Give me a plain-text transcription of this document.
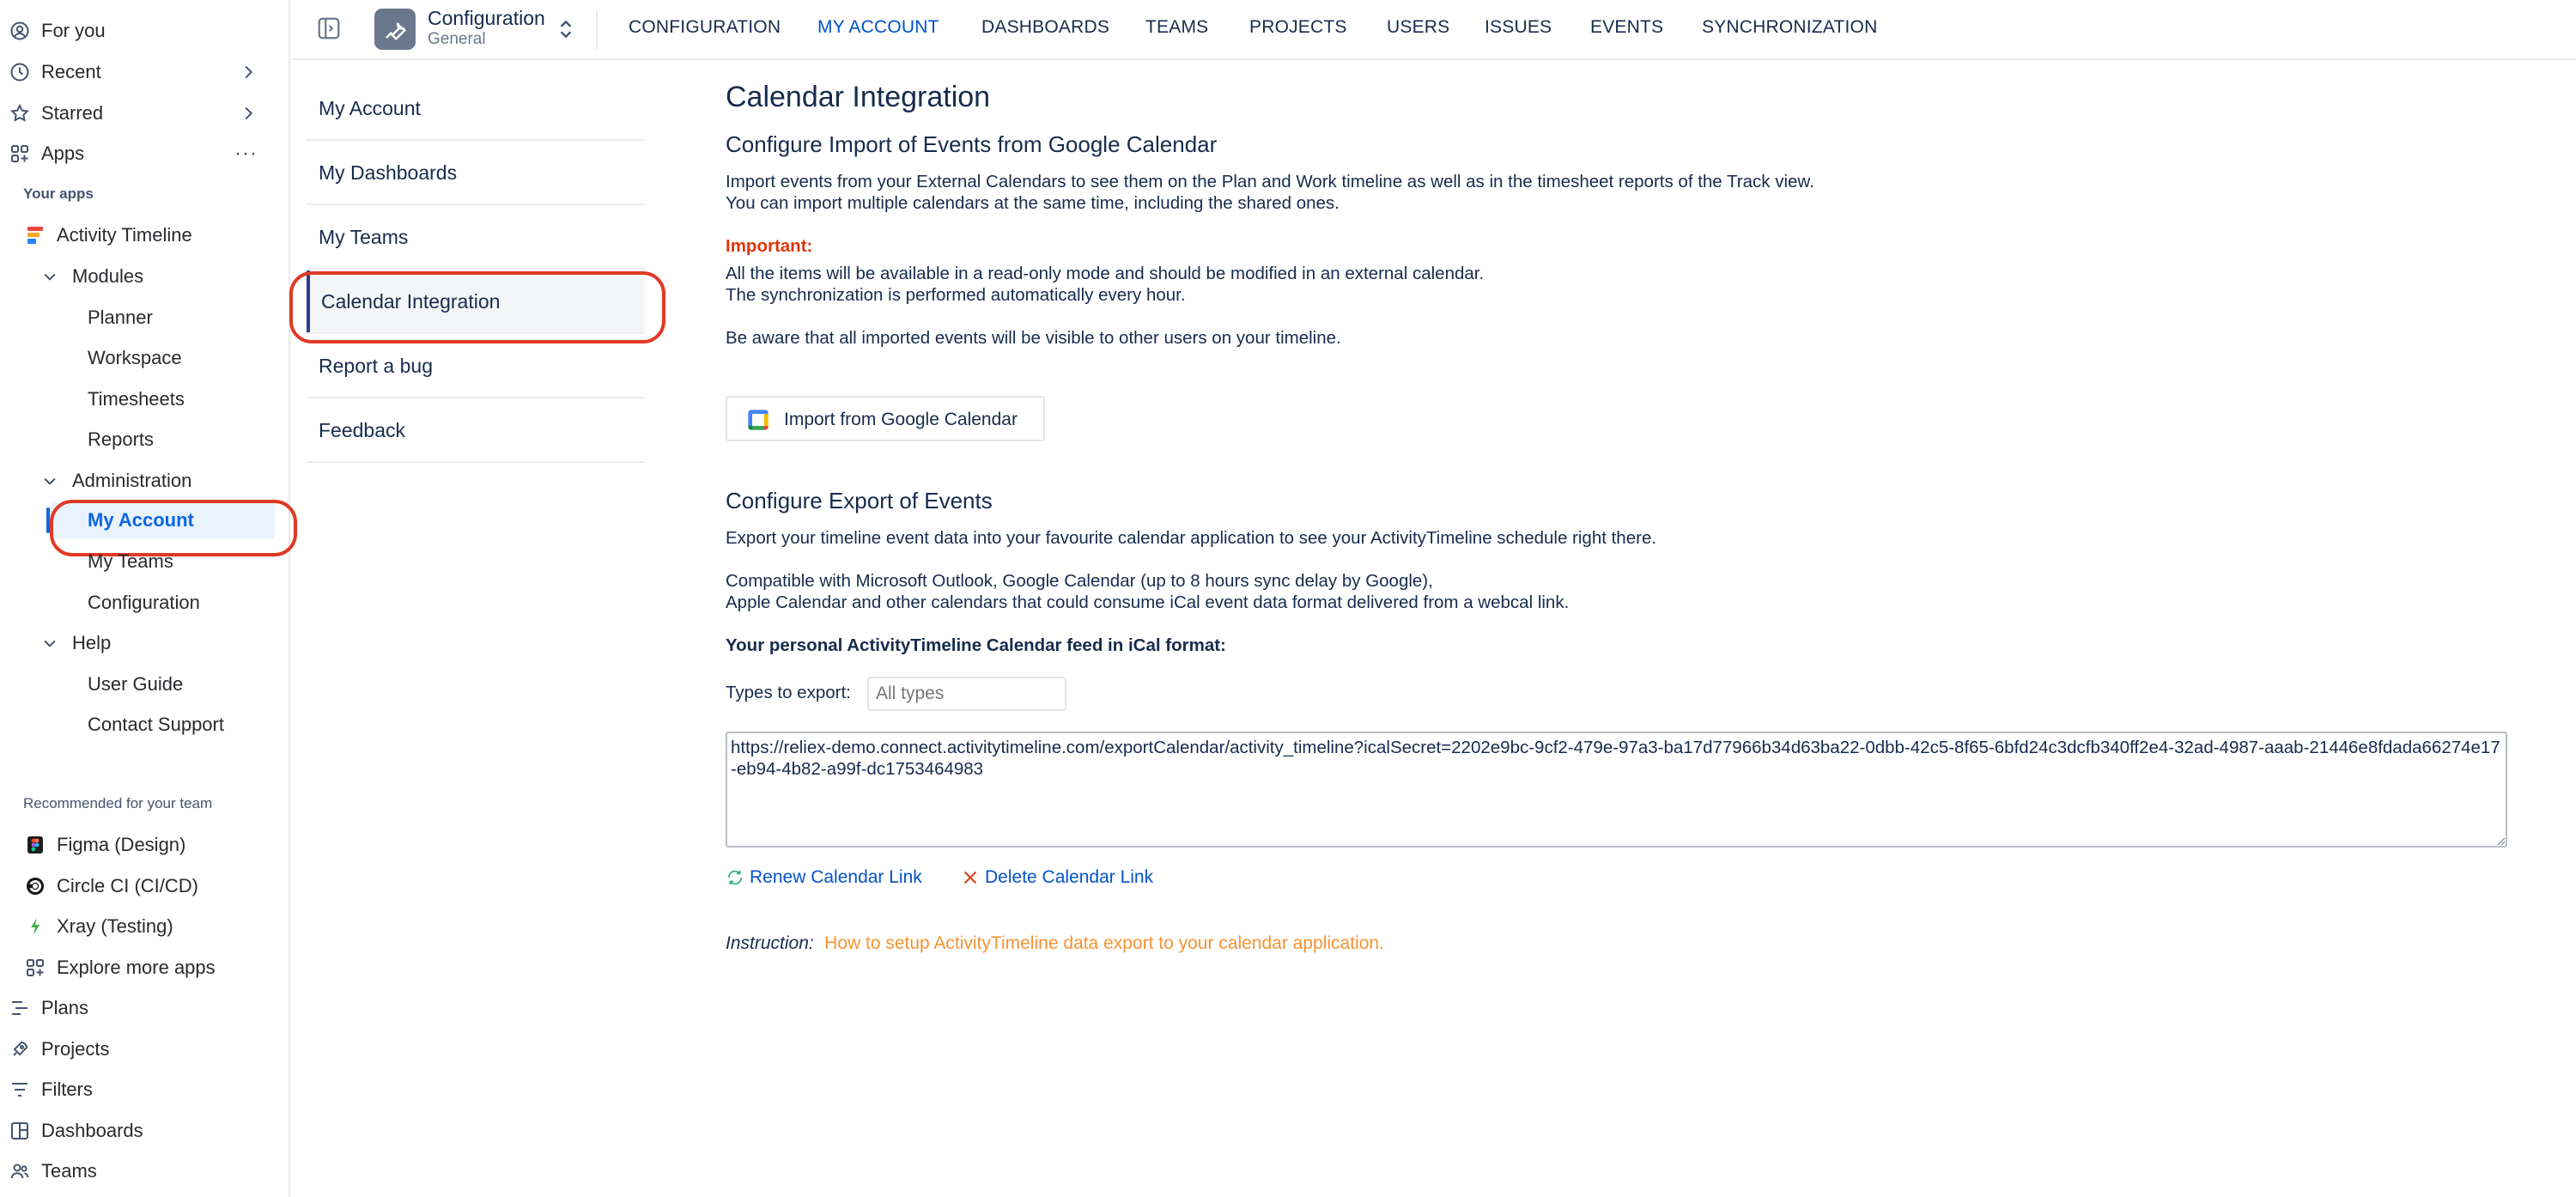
For you
Recent
Starred
Apps	···
Your apps
Activity Timeline
Modules
Planner
Workspace
Timesheets
Reports
Administration
My Account
My Teams
Configuration
Help
User Guide
Contact Support
Recommended for your team
Figma (Design)
Circle CI (CI/CD)
Xray (Testing)
Explore more apps
Plans
Projects
Filters
Dashboards
Teams
Configuration
General
CONFIGURATION MY ACCOUNT DASHBOARDS TEAMS PROJECTS USERS ISSUES EVENTS SYNCHRONIZATION
My Account
My Dashboards
My Teams
Calendar Integration
Report a bug
Feedback
Calendar Integration
Configure Import of Events from Google Calendar
Import events from your External Calendars to see them on the Plan and Work timeline as well as in the timesheet reports of the Track view.
You can import multiple calendars at the same time, including the shared ones.
Important:
All the items will be available in a read-only mode and should be modified in an external calendar.
The synchronization is performed automatically every hour.
Be aware that all imported events will be visible to other users on your timeline.
Import from Google Calendar
Configure Export of Events
Export your timeline event data into your favourite calendar application to see your ActivityTimeline schedule right there.
Compatible with Microsoft Outlook, Google Calendar (up to 8 hours sync delay by Google),
Apple Calendar and other calendars that could consume iCal event data format delivered from a webcal link.
Your personal ActivityTimeline Calendar feed in iCal format:
Types to export:
All types
https://reliex-demo.connect.activitytimeline.com/exportCalendar/activity_timeline?icalSecret=2202e9bc-9cf2-479e-97a3-ba17d77966b34d63ba22-0dbb-42c5-8f65-6bfd24c3dcfb340ff2e4-32ad-4987-aaab-21446e8fdada66274e17-eb94-4b82-a99f-dc1753464983
Renew Calendar Link	Delete Calendar Link
Instruction: How to setup ActivityTimeline data export to your calendar application.
